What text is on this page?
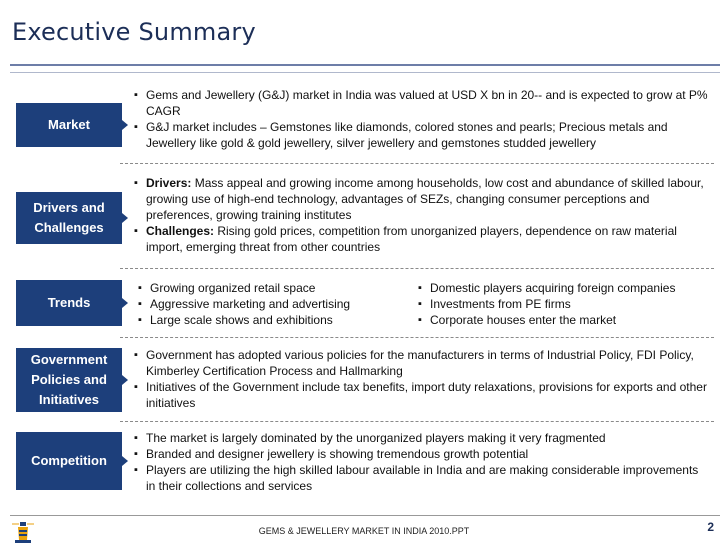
Executive Summary
Market
▪ Gems and Jewellery (G&J) market in India was valued at USD X bn in 20-- and is expected to grow at P% CAGR
▪ G&J market includes – Gemstones like diamonds, colored stones and pearls; Precious metals and Jewellery like gold & gold jewellery, silver jewellery and gemstones studded jewellery
Drivers and Challenges
▪ Drivers: Mass appeal and growing income among households, low cost and abundance of skilled labour, growing use of high-end technology, advantages of SEZs, changing consumer perceptions and preferences, growing training institutes
▪ Challenges: Rising gold prices, competition from unorganized players, dependence on raw material import, emerging threat from other countries
Trends
▪ Growing organized retail space
▪ Aggressive marketing and advertising
▪ Large scale shows and exhibitions
▪ Domestic players acquiring foreign companies
▪ Investments from PE firms
▪ Corporate houses enter the market
Government Policies and Initiatives
▪ Government has adopted various policies for the manufacturers in terms of Industrial Policy, FDI Policy, Kimberley Certification Process and Hallmarking
▪ Initiatives of the Government include tax benefits, import duty relaxations, provisions for exports and other initiatives
Competition
▪ The market is largely dominated by the unorganized players making it very fragmented
▪ Branded and designer jewellery is showing tremendous growth potential
▪ Players are utilizing the high skilled labour available in India and are making considerable improvements in their collections and services
GEMS & JEWELLERY MARKET IN INDIA 2010.PPT	2
